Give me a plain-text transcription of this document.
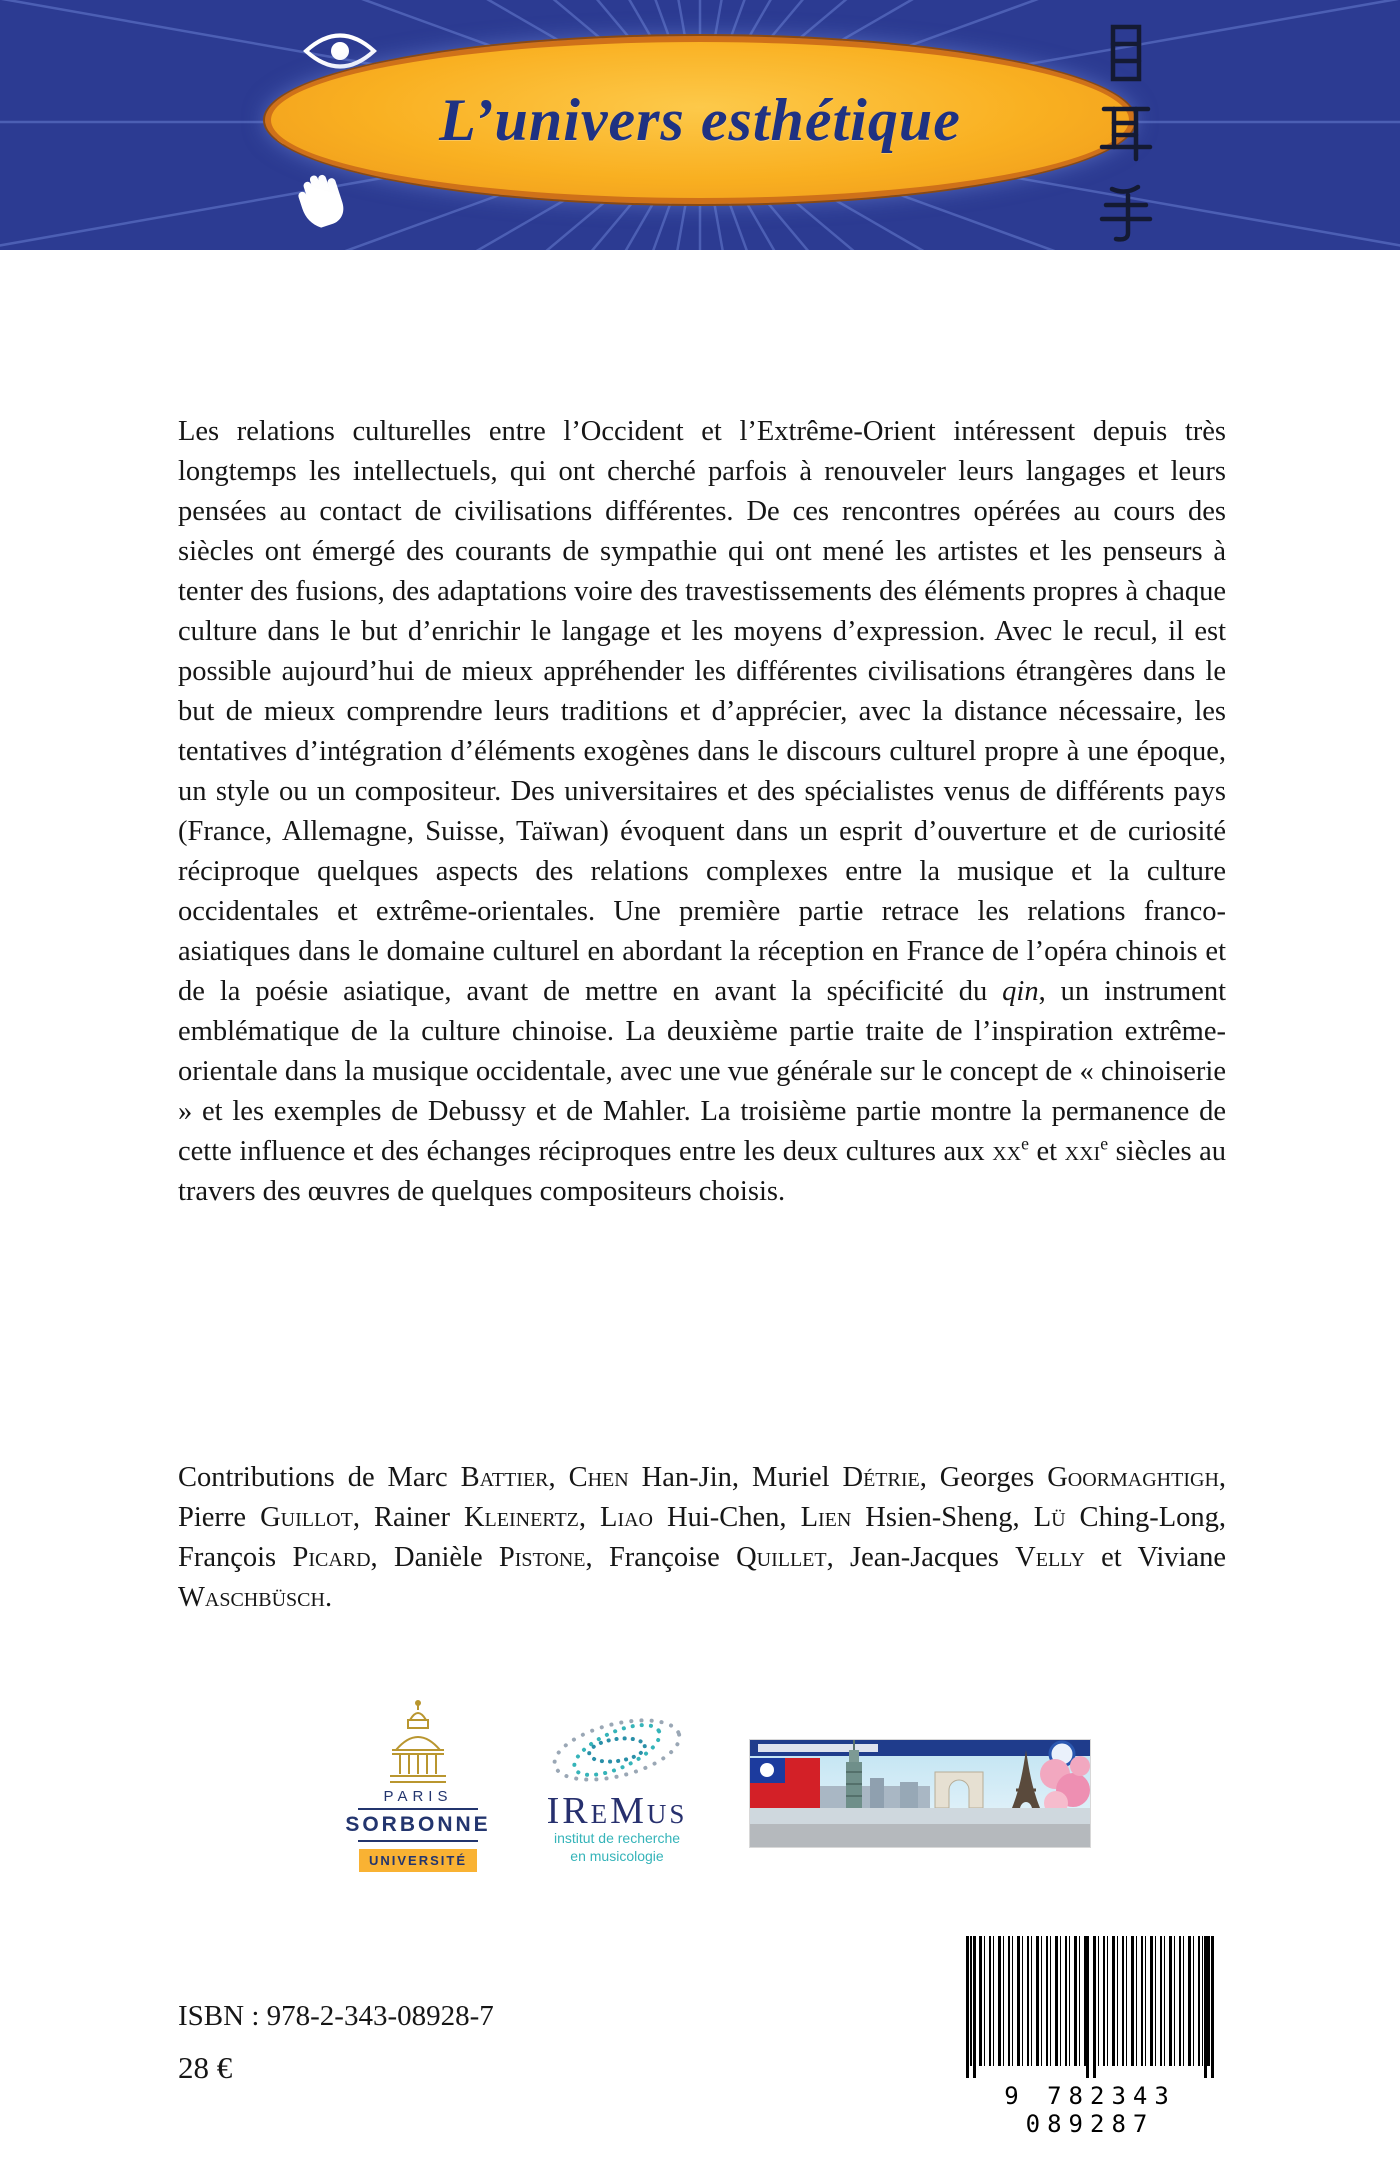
L’univers esthétique

Les relations culturelles entre l’Occident et l’Extrême-Orient intéressent depuis très longtemps les intellectuels, qui ont cherché parfois à renouveler leurs langages et leurs pensées au contact de civilisations différentes. De ces rencontres opérées au cours des siècles ont émergé des courants de sympathie qui ont mené les artistes et les penseurs à tenter des fusions, des adaptations voire des travestissements des éléments propres à chaque culture dans le but d’enrichir le langage et les moyens d’expression. Avec le recul, il est possible aujourd’hui de mieux appréhender les différentes civilisations étrangères dans le but de mieux comprendre leurs traditions et d’apprécier, avec la distance nécessaire, les tentatives d’intégration d’éléments exogènes dans le discours culturel propre à une époque, un style ou un compositeur. Des universitaires et des spécialistes venus de différents pays (France, Allemagne, Suisse, Taïwan) évoquent dans un esprit d’ouverture et de curiosité réciproque quelques aspects des relations complexes entre la musique et la culture occidentales et extrême-orientales. Une première partie retrace les relations franco-asiatiques dans le domaine culturel en abordant la réception en France de l’opéra chinois et de la poésie asiatique, avant de mettre en avant la spécificité du qin, un instrument emblématique de la culture chinoise. La deuxième partie traite de l’inspiration extrême-orientale dans la musique occidentale, avec une vue générale sur le concept de « chinoiserie » et les exemples de Debussy et de Mahler. La troisième partie montre la permanence de cette influence et des échanges réciproques entre les deux cultures aux $xx^e$ et xxi$^e$ siècles au travers des œuvres de quelques compositeurs choisis.

Contributions de Marc Battier, Chen Han-Jin, Muriel Détrie, Georges Goormaghtigh, Pierre Guillot, Rainer Kleinertz, Liao Hui-Chen, Lien Hsien-Sheng, Lü Ching-Long, François Picard, Danièle Pistone, Françoise Quillet, Jean-Jacques Velly et Viviane Waschbüsch.

PARIS
SORBONNE
UNIVERSITÉ
IReMus
institut de recherche
en musicologie
ISBN : 978-2-343-08928-7
28 €
9 782343 089287
